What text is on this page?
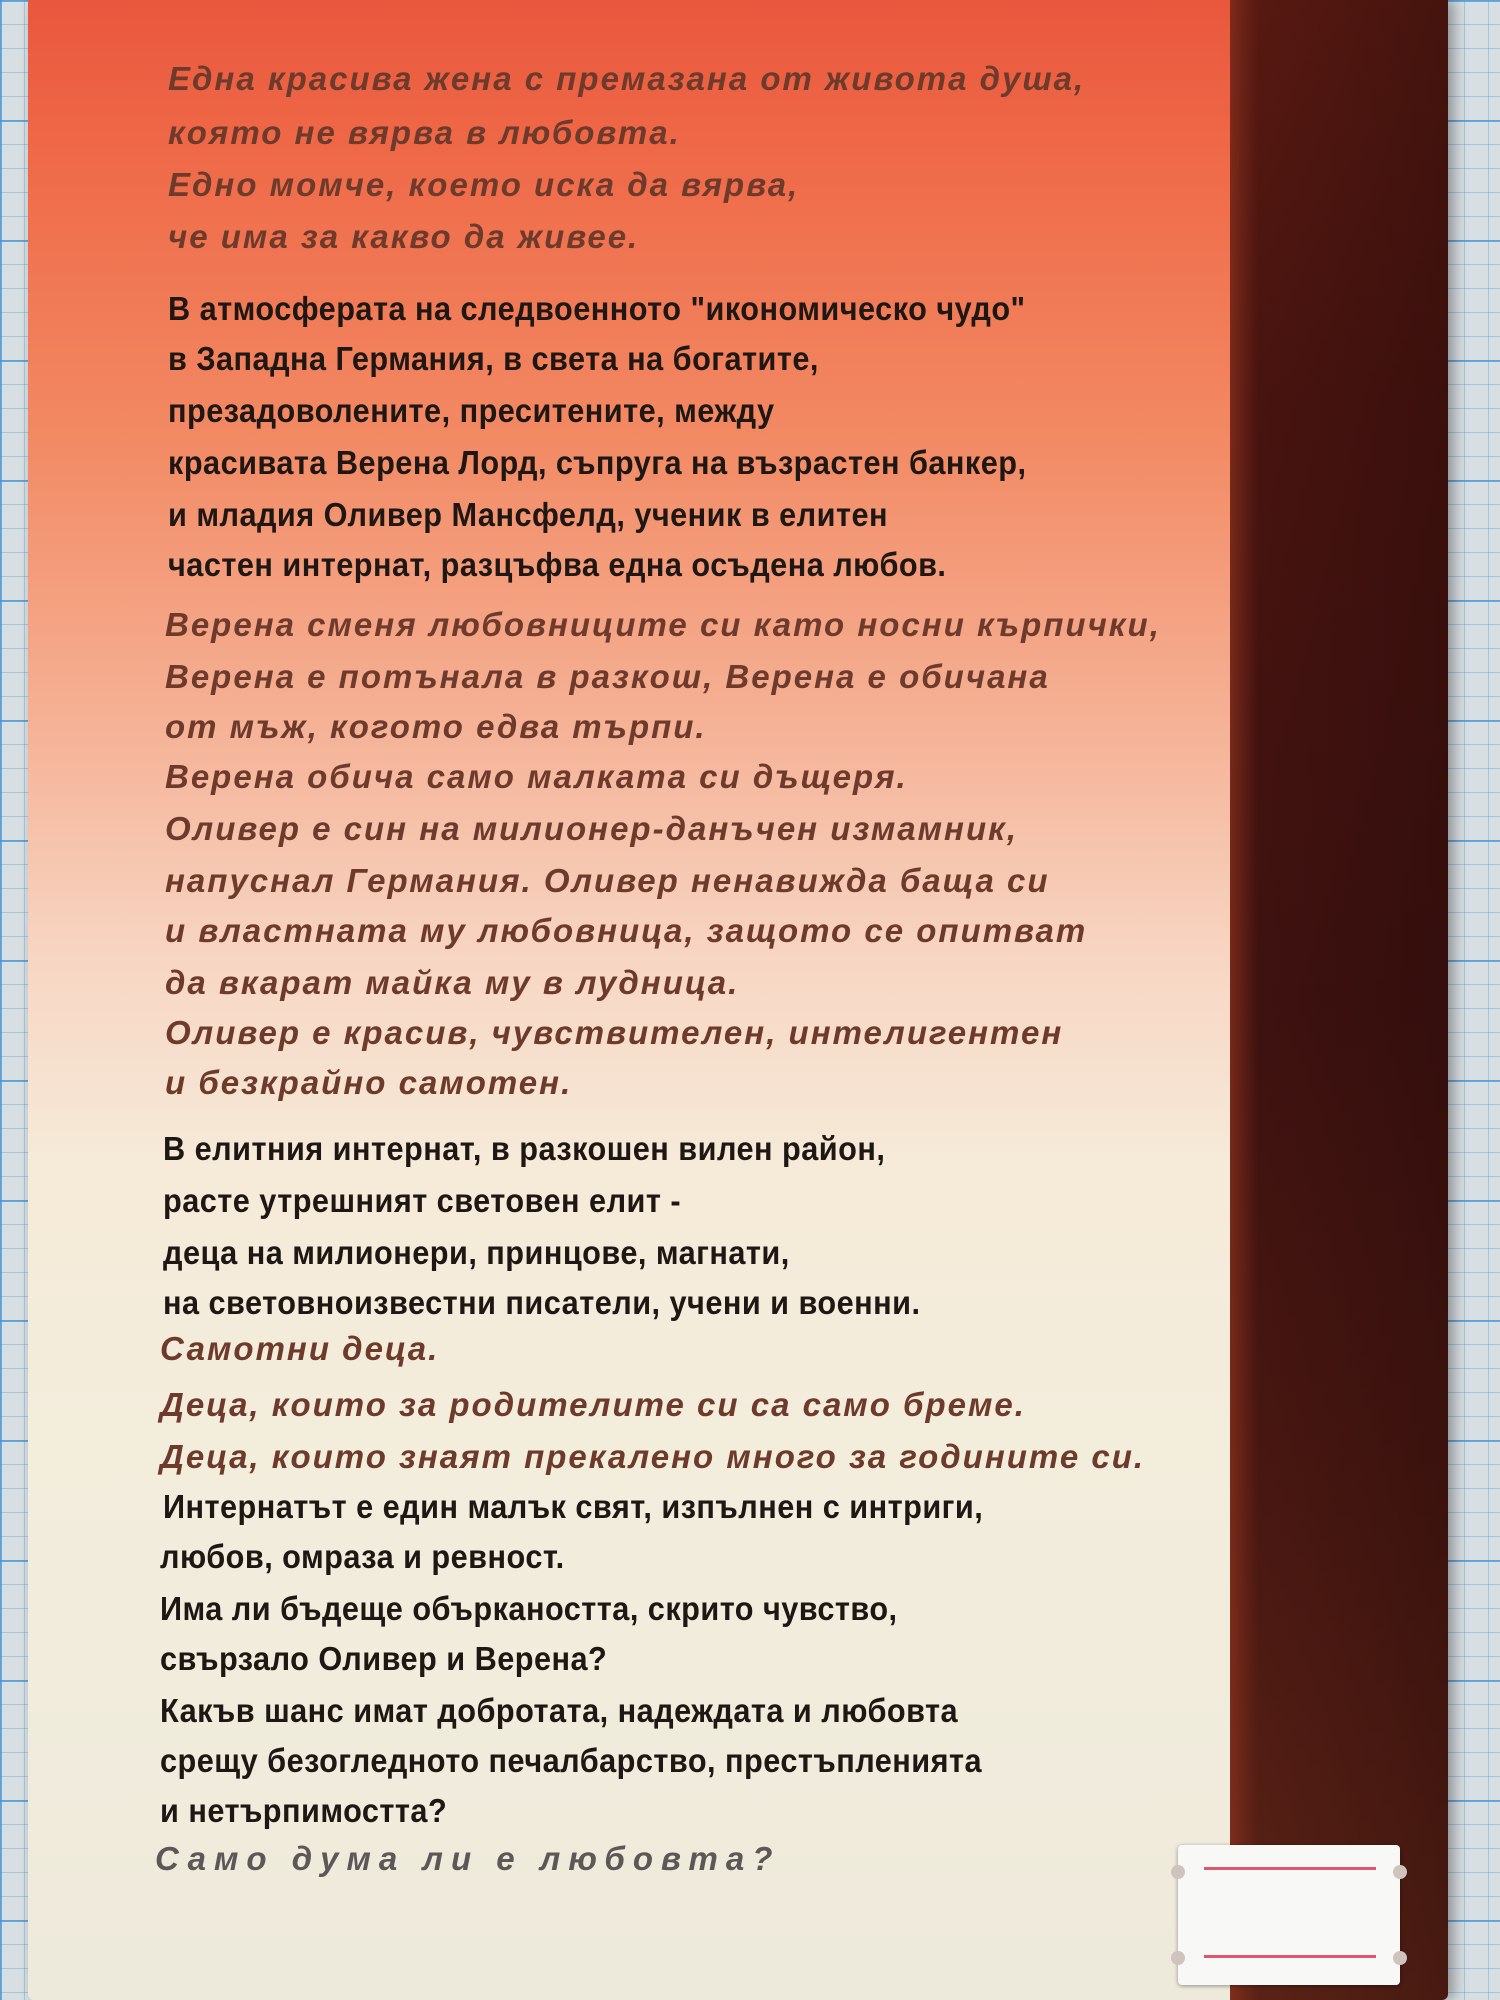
Една красива жена с премазана от живота душа,

която не вярва в любовта.

Едно момче, което иска да вярва,

че има за какво да живее.

В атмосферата на следвоенното "икономическо чудо"

в Западна Германия, в света на богатите,

презадоволените, преситените, между

красивата Верена Лорд, съпруга на възрастен банкер,

и младия Оливер Мансфелд, ученик в елитен

частен интернат, разцъфва една осъдена любов.

Верена сменя любовниците си като носни кърпички,

Верена е потънала в разкош, Верена е обичана

от мъж, когото едва търпи.

Верена обича само малката си дъщеря.

Оливер е син на милионер-данъчен измамник,

напуснал Германия. Оливер ненавижда баща си

и властната му любовница, защото се опитват

да вкарат майка му в лудница.

Оливер е красив, чувствителен, интелигентен

и безкрайно самотен.

В елитния интернат, в разкошен вилен район,

расте утрешният световен елит -

деца на милионери, принцове, магнати,

на световноизвестни писатели, учени и военни.

Самотни деца.

Деца, които за родителите си са само бреме.

Деца, които знаят прекалено много за годините си.

Интернатът е един малък свят, изпълнен с интриги,

любов, омраза и ревност.

Има ли бъдеще объркаността, скрито чувство,

свързало Оливер и Верена?

Какъв шанс имат добротата, надеждата и любовта

срещу безогледното печалбарство, престъпленията

и нетърпимостта?

Само дума ли е любовта?
